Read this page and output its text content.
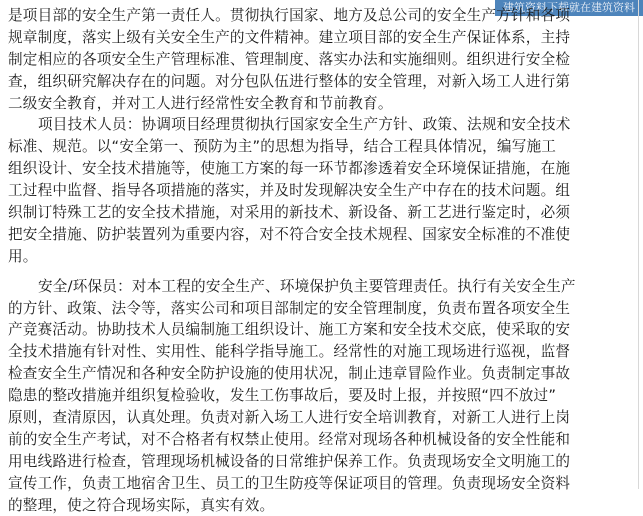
建筑资料下载就在建筑资料
是项目部的安全生产第一责任人。贯彻执行国家、地方及总公司的安全生产方针和各项
规章制度，落实上级有关安全生产的文件精神。建立项目部的安全生产保证体系，主持
制定相应的各项安全生产管理标准、管理制度、落实办法和实施细则。组织进行安全检
查，组织研究解决存在的问题。对分包队伍进行整体的安全管理，对新入场工人进行第
二级安全教育，并对工人进行经常性安全教育和节前教育。
项目技术人员：协调项目经理贯彻执行国家安全生产方针、政策、法规和安全技术
标准、规范。以“安全第一、预防为主”的思想为指导，结合工程具体情况，编写施工
组织设计、安全技术措施等，使施工方案的每一环节都渗透着安全环境保证措施，在施
工过程中监督、指导各项措施的落实，并及时发现解决安全生产中存在的技术问题。组
织制订特殊工艺的安全技术措施，对采用的新技术、新设备、新工艺进行鉴定时，必须
把安全措施、防护装置列为重要内容，对不符合安全技术规程、国家安全标准的不准使
用。
安全/环保员：对本工程的安全生产、环境保护负主要管理责任。执行有关安全生产
的方针、政策、法令等，落实公司和项目部制定的安全管理制度，负责布置各项安全生
产竞赛活动。协助技术人员编制施工组织设计、施工方案和安全技术交底，使采取的安
全技术措施有针对性、实用性、能科学指导施工。经常性的对施工现场进行巡视，监督
检查安全生产情况和各种安全防护设施的使用状况，制止违章冒险作业。负责制定事故
隐患的整改措施并组织复检验收，发生工伤事故后，要及时上报，并按照“四不放过”
原则，查清原因，认真处理。负责对新入场工人进行安全培训教育，对新工人进行上岗
前的安全生产考试，对不合格者有权禁止使用。经常对现场各种机械设备的安全性能和
用电线路进行检查，管理现场机械设备的日常维护保养工作。负责现场安全文明施工的
宣传工作，负责工地宿舍卫生、员工的卫生防疫等保证项目的管理。负责现场安全资料
的整理，使之符合现场实际，真实有效。
